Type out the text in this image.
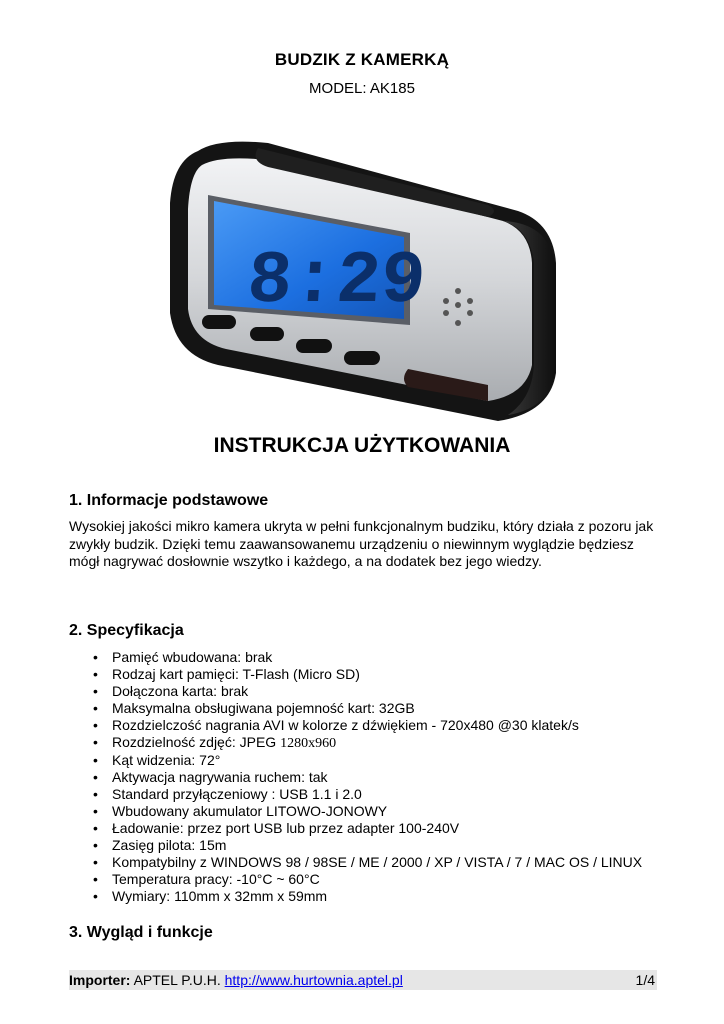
BUDZIK Z KAMERKĄ
MODEL: AK185
8:29
INSTRUKCJA UŻYTKOWANIA
1. Informacje podstawowe
Wysokiej jakości mikro kamera ukryta w pełni funkcjonalnym budziku, który działa z pozoru jak zwykły budzik. Dzięki temu zaawansowanemu urządzeniu o niewinnym wyglądzie będziesz mógł nagrywać dosłownie wszytko i każdego, a na dodatek bez jego wiedzy.
2. Specyfikacja
• Pamięć wbudowana: brak
• Rodzaj kart pamięci: T-Flash (Micro SD)
• Dołączona karta: brak
• Maksymalna obsługiwana pojemność kart: 32GB
• Rozdzielczość nagrania AVI w kolorze z dźwiękiem - 720x480 @30 klatek/s
• Rozdzielność zdjęć: JPEG 1280x960
• Kąt widzenia: 72°
• Aktywacja nagrywania ruchem: tak
• Standard przyłączeniowy : USB 1.1 i 2.0
• Wbudowany akumulator LITOWO-JONOWY
• Ładowanie: przez port USB lub przez adapter 100-240V
• Zasięg pilota: 15m
• Kompatybilny z WINDOWS 98 / 98SE / ME / 2000 / XP / VISTA / 7 / MAC OS / LINUX
• Temperatura pracy: -10°C ~ 60°C
• Wymiary: 110mm x 32mm x 59mm
3. Wygląd i funkcje
Importer: APTEL P.U.H. http://www.hurtownia.aptel.pl	1/4
